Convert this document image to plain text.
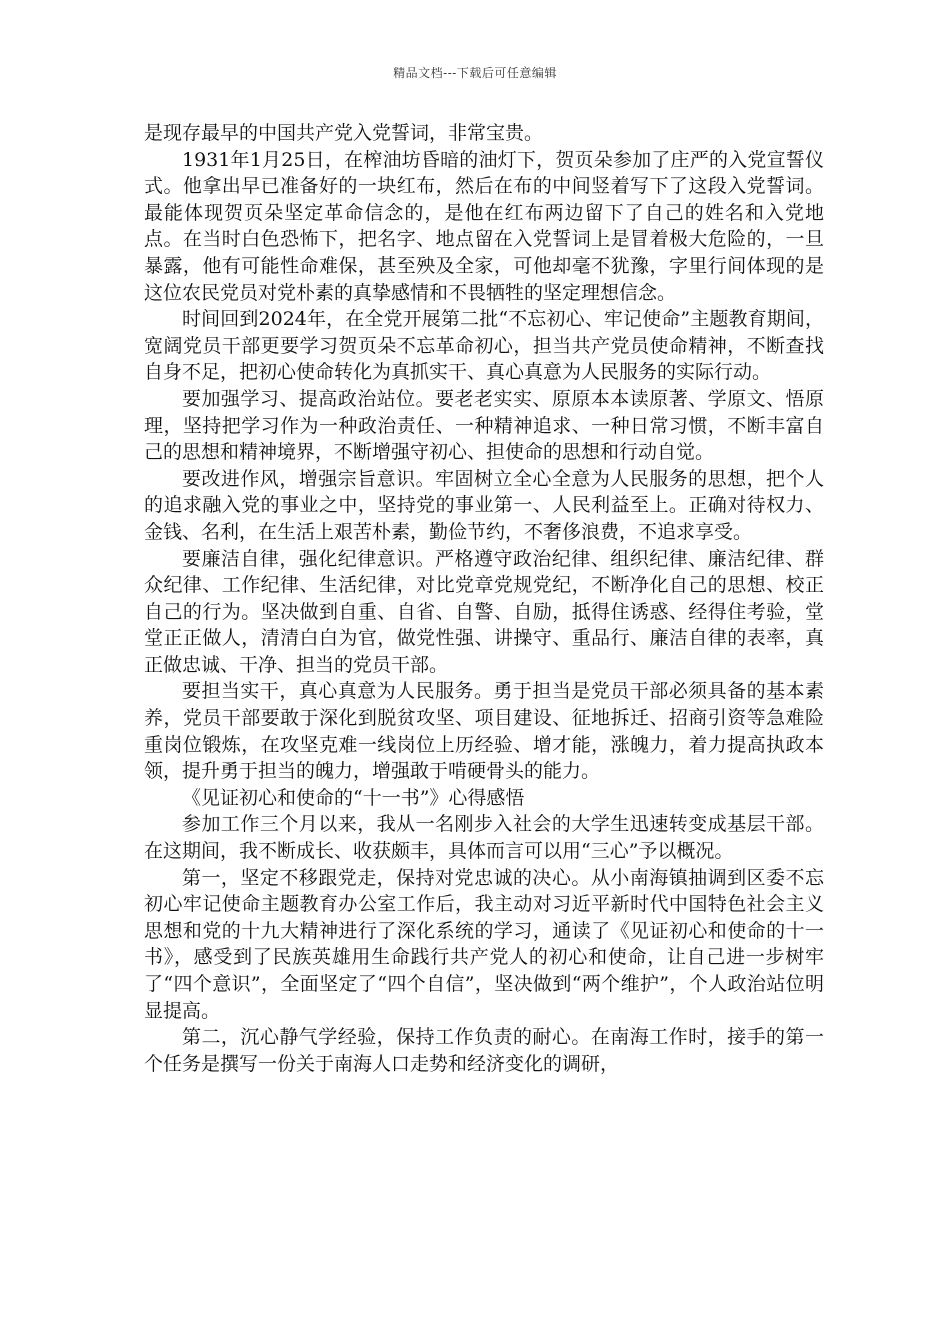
精品文档---下载后可任意编辑

是现存最早的中国共产党入党誓词，非常宝贵。

1931年1月25日，在榨油坊昏暗的油灯下，贺页朵参加了庄严的入党宣誓仪式。他拿出早已准备好的一块红布，然后在布的中间竖着写下了这段入党誓词。最能体现贺页朵坚定革命信念的，是他在红布两边留下了自己的姓名和入党地点。在当时白色恐怖下，把名字、地点留在入党誓词上是冒着极大危险的，一旦暴露，他有可能性命难保，甚至殃及全家，可他却毫不犹豫，字里行间体现的是这位农民党员对党朴素的真挚感情和不畏牺牲的坚定理想信念。

时间回到2024年，在全党开展第二批“不忘初心、牢记使命”主题教育期间，宽阔党员干部更要学习贺页朵不忘革命初心，担当共产党员使命精神，不断查找自身不足，把初心使命转化为真抓实干、真心真意为人民服务的实际行动。

要加强学习、提高政治站位。要老老实实、原原本本读原著、学原文、悟原理，坚持把学习作为一种政治责任、一种精神追求、一种日常习惯，不断丰富自己的思想和精神境界，不断增强守初心、担使命的思想和行动自觉。

要改进作风，增强宗旨意识。牢固树立全心全意为人民服务的思想，把个人的追求融入党的事业之中，坚持党的事业第一、人民利益至上。正确对待权力、金钱、名利，在生活上艰苦朴素，勤俭节约，不奢侈浪费，不追求享受。

要廉洁自律，强化纪律意识。严格遵守政治纪律、组织纪律、廉洁纪律、群众纪律、工作纪律、生活纪律，对比党章党规党纪，不断净化自己的思想、校正自己的行为。坚决做到自重、自省、自警、自励，抵得住诱惑、经得住考验，堂堂正正做人，清清白白为官，做党性强、讲操守、重品行、廉洁自律的表率，真正做忠诚、干净、担当的党员干部。

要担当实干，真心真意为人民服务。勇于担当是党员干部必须具备的基本素养，党员干部要敢于深化到脱贫攻坚、项目建设、征地拆迁、招商引资等急难险重岗位锻炼，在攻坚克难一线岗位上历经验、增才能，涨魄力，着力提高执政本领，提升勇于担当的魄力，增强敢于啃硬骨头的能力。

《见证初心和使命的“十一书”》心得感悟

参加工作三个月以来，我从一名刚步入社会的大学生迅速转变成基层干部。在这期间，我不断成长、收获颇丰，具体而言可以用“三心”予以概况。

第一，坚定不移跟党走，保持对党忠诚的决心。从小南海镇抽调到区委不忘初心牢记使命主题教育办公室工作后，我主动对习近平新时代中国特色社会主义思想和党的十九大精神进行了深化系统的学习，通读了《见证初心和使命的十一书》，感受到了民族英雄用生命践行共产党人的初心和使命，让自己进一步树牢了“四个意识”，全面坚定了“四个自信”，坚决做到“两个维护”，个人政治站位明显提高。

第二，沉心静气学经验，保持工作负责的耐心。在南海工作时，接手的第一个任务是撰写一份关于南海人口走势和经济变化的调研，
